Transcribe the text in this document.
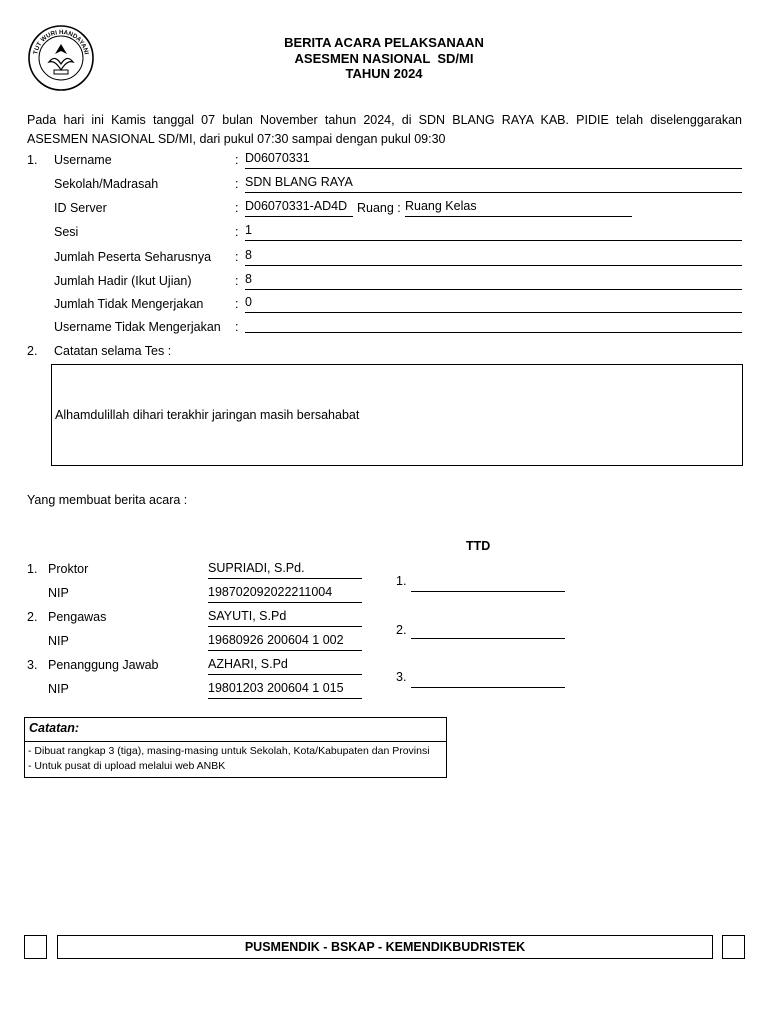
TUT WURI HANDAYANI
BERITA ACARA PELAKSANAAN
ASESMEN NASIONAL  SD/MI
TAHUN 2024
Pada hari ini Kamis tanggal 07 bulan November tahun 2024, di SDN BLANG RAYA KAB. PIDIE telah diselenggarakan ASESMEN NASIONAL SD/MI, dari pukul 07:30 sampai dengan pukul 09:30
1. Username	: D06070331
Sekolah/Madrasah	: SDN BLANG RAYA
ID Server	: D06070331-AD4D Ruang : Ruang Kelas
Sesi	: 1
Jumlah Peserta Seharusnya : 8
Jumlah Hadir (Ikut Ujian)	: 8
Jumlah Tidak Mengerjakan	: 0
Username Tidak Mengerjakan :
2. Catatan selama Tes :
Alhamdulillah dihari terakhir jaringan masih bersahabat
Yang membuat berita acara :
TTD
1. Proktor	SUPRIADI, S.Pd.
NIP	198702092022211004
1.
2. Pengawas	SAYUTI, S.Pd
NIP	19680926 200604 1 002
2.
3. Penanggung Jawab	AZHARI, S.Pd
NIP	19801203 200604 1 015
3.
Catatan:
- Dibuat rangkap 3 (tiga), masing-masing untuk Sekolah, Kota/Kabupaten dan Provinsi
- Untuk pusat di upload melalui web ANBK
PUSMENDIK - BSKAP - KEMENDIKBUDRISTEK
